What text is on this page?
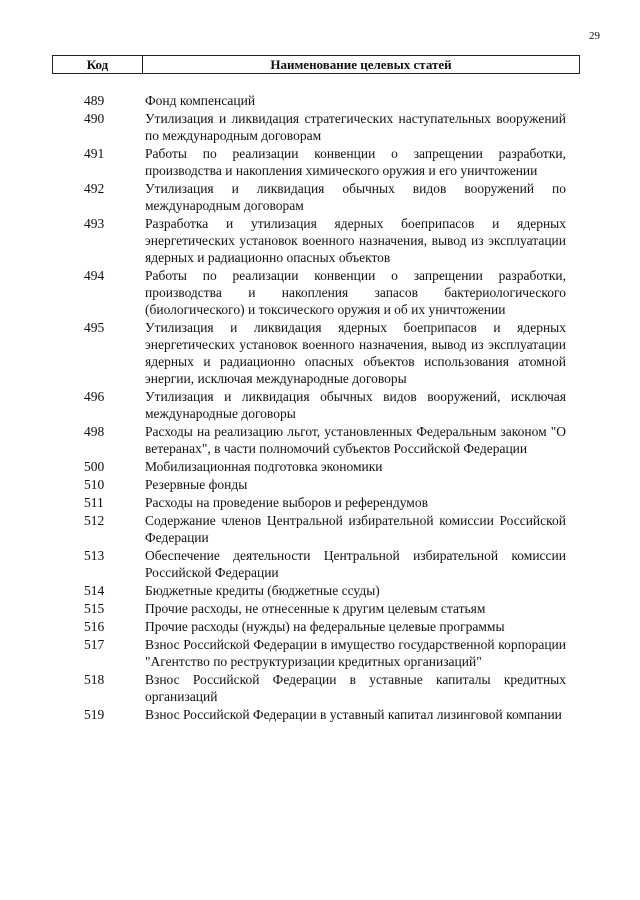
29
Код	Наименование целевых статей
489	Фонд компенсаций
490	Утилизация и ликвидация стратегических наступательных вооружений по международным договорам
491	Работы по реализации конвенции о запрещении разработки, производства и накопления химического оружия и его уничтожении
492	Утилизация и ликвидация обычных видов вооружений по международным договорам
493	Разработка и утилизация ядерных боеприпасов и ядерных энергетических установок военного назначения, вывод из эксплуатации ядерных и радиационно опасных объектов
494	Работы по реализации конвенции о запрещении разработки, производства и накопления запасов бактериологического (биологического) и токсического оружия и об их уничтожении
495	Утилизация и ликвидация ядерных боеприпасов и ядерных энергетических установок военного назначения, вывод из эксплуатации ядерных и радиационно опасных объектов использования атомной энергии, исключая международные договоры
496	Утилизация и ликвидация обычных видов вооружений, исключая международные договоры
498	Расходы на реализацию льгот, установленных Федеральным законом "О ветеранах", в части полномочий субъектов Российской Федерации
500	Мобилизационная подготовка экономики
510	Резервные фонды
511	Расходы на проведение выборов и референдумов
512	Содержание членов Центральной избирательной комиссии Российской Федерации
513	Обеспечение деятельности Центральной избирательной комиссии Российской Федерации
514	Бюджетные кредиты (бюджетные ссуды)
515	Прочие расходы, не отнесенные к другим целевым статьям
516	Прочие расходы (нужды) на федеральные целевые программы
517	Взнос Российской Федерации в имущество государственной корпорации "Агентство по реструктуризации кредитных организаций"
518	Взнос Российской Федерации в уставные капиталы кредитных организаций
519	Взнос Российской Федерации в уставный капитал лизинговой компании
